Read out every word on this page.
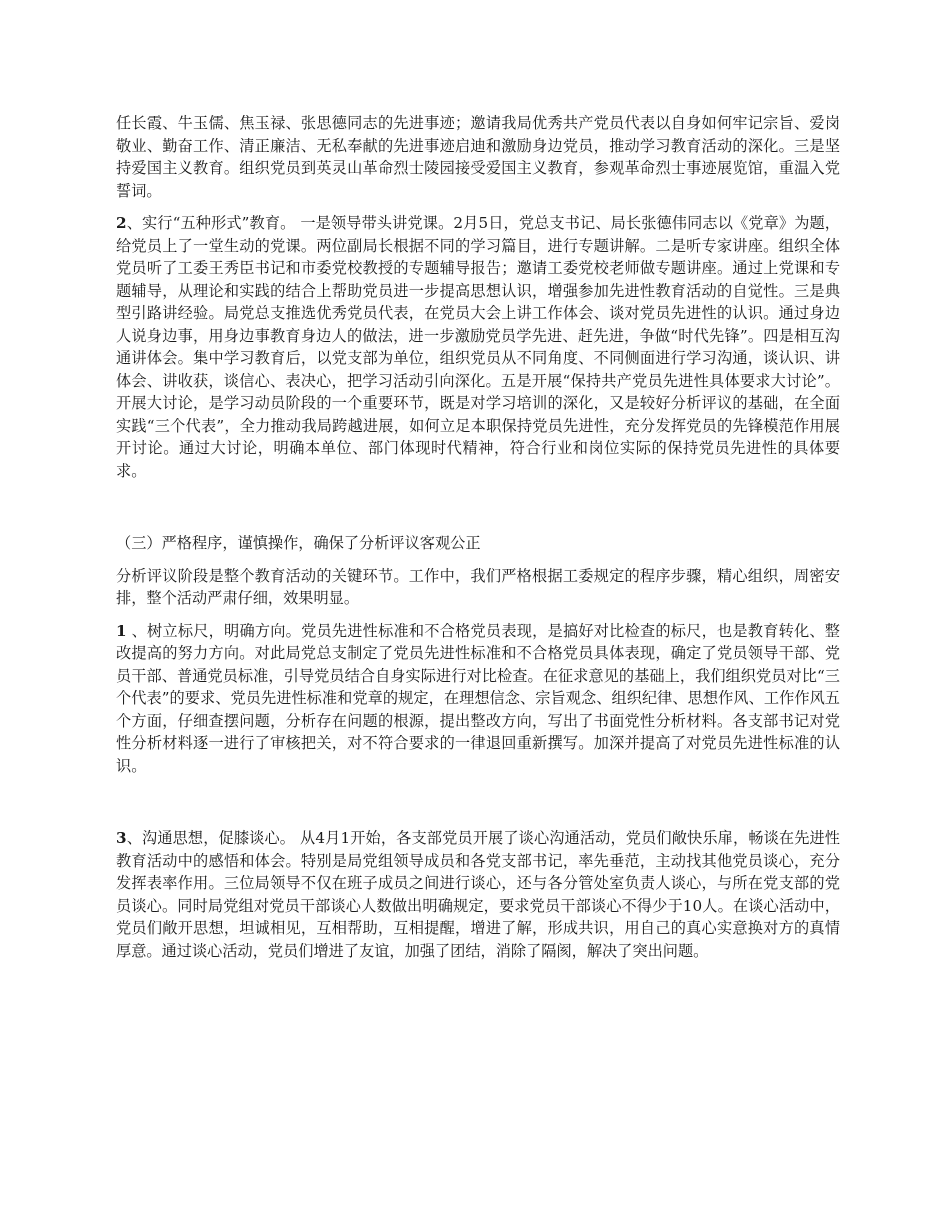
任长霞、牛玉儒、焦玉禄、张思德同志的先进事迹；邀请我局优秀共产党员代表以自身如何牢记宗旨、爱岗敬业、勤奋工作、清正廉洁、无私奉献的先进事迹启迪和激励身边党员，推动学习教育活动的深化。三是坚持爱国主义教育。组织党员到英灵山革命烈士陵园接受爱国主义教育，参观革命烈士事迹展览馆，重温入党誓词。

2、实行“五种形式”教育。 一是领导带头讲党课。2月5日，党总支书记、局长张德伟同志以《党章》为题，给党员上了一堂生动的党课。两位副局长根据不同的学习篇目，进行专题讲解。二是听专家讲座。组织全体党员听了工委王秀臣书记和市委党校教授的专题辅导报告；邀请工委党校老师做专题讲座。通过上党课和专题辅导，从理论和实践的结合上帮助党员进一步提高思想认识，增强参加先进性教育活动的自觉性。三是典型引路讲经验。局党总支推选优秀党员代表，在党员大会上讲工作体会、谈对党员先进性的认识。通过身边人说身边事，用身边事教育身边人的做法，进一步激励党员学先进、赶先进，争做“时代先锋”。四是相互沟通讲体会。集中学习教育后，以党支部为单位，组织党员从不同角度、不同侧面进行学习沟通，谈认识、讲体会、讲收获，谈信心、表决心，把学习活动引向深化。五是开展“保持共产党员先进性具体要求大讨论”。开展大讨论，是学习动员阶段的一个重要环节，既是对学习培训的深化，又是较好分析评议的基础，在全面实践“三个代表”，全力推动我局跨越进展，如何立足本职保持党员先进性，充分发挥党员的先锋模范作用展开讨论。通过大讨论，明确本单位、部门体现时代精神，符合行业和岗位实际的保持党员先进性的具体要求。

（三）严格程序，谨慎操作，确保了分析评议客观公正

分析评议阶段是整个教育活动的关键环节。工作中，我们严格根据工委规定的程序步骤，精心组织，周密安排，整个活动严肃仔细，效果明显。

1 、树立标尺，明确方向。党员先进性标准和不合格党员表现，是搞好对比检查的标尺，也是教育转化、整改提高的努力方向。对此局党总支制定了党员先进性标准和不合格党员具体表现，确定了党员领导干部、党员干部、普通党员标准，引导党员结合自身实际进行对比检查。在征求意见的基础上，我们组织党员对比“三个代表”的要求、党员先进性标准和党章的规定，在理想信念、宗旨观念、组织纪律、思想作风、工作作风五个方面，仔细查摆问题，分析存在问题的根源，提出整改方向，写出了书面党性分析材料。各支部书记对党性分析材料逐一进行了审核把关，对不符合要求的一律退回重新撰写。加深并提高了对党员先进性标准的认识。

3、沟通思想，促膝谈心。 从4月1开始，各支部党员开展了谈心沟通活动，党员们敞快乐扉，畅谈在先进性教育活动中的感悟和体会。特别是局党组领导成员和各党支部书记，率先垂范，主动找其他党员谈心，充分发挥表率作用。三位局领导不仅在班子成员之间进行谈心，还与各分管处室负责人谈心，与所在党支部的党员谈心。同时局党组对党员干部谈心人数做出明确规定，要求党员干部谈心不得少于10人。在谈心活动中，党员们敞开思想，坦诚相见，互相帮助，互相提醒，增进了解，形成共识，用自己的真心实意换对方的真情厚意。通过谈心活动，党员们增进了友谊，加强了团结，消除了隔阂，解决了突出问题。
